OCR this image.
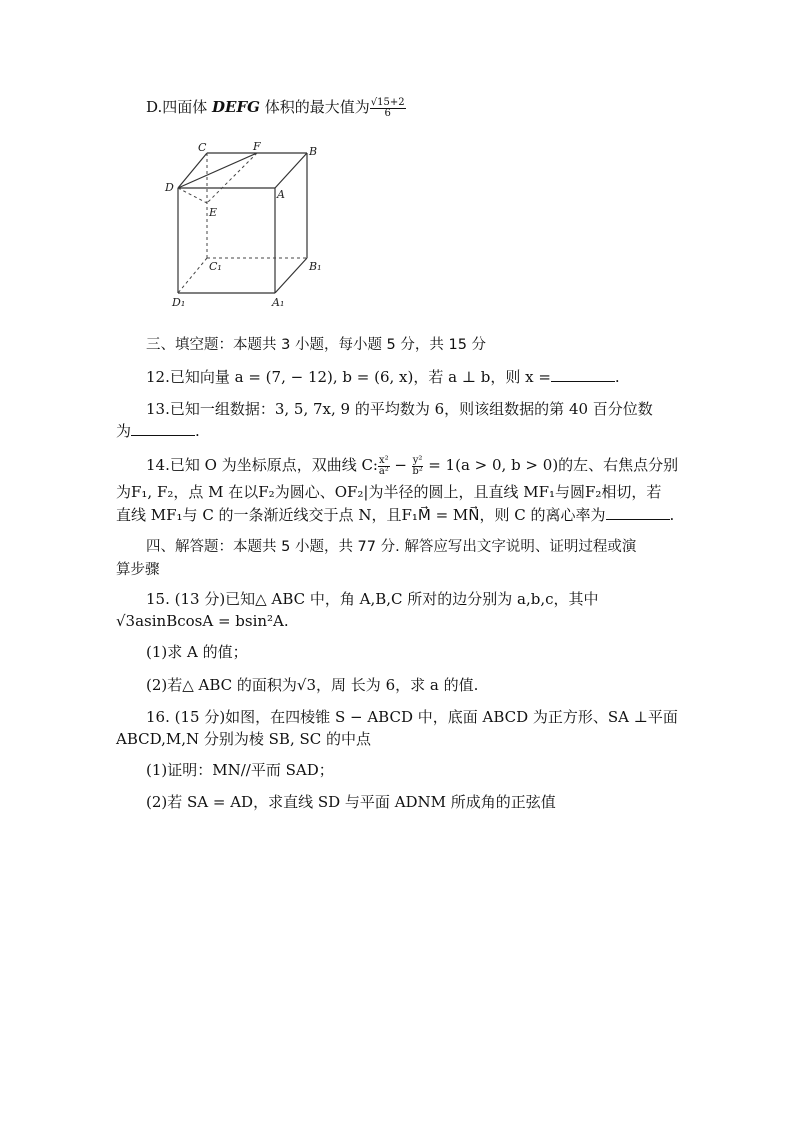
D.四面体 DEFG 体积的最大值为 $\frac{√15+2}{6}$
C	F	B
D
A
E
C₁	B₁
D₁	A₁
三、填空题：本题共 3 小题，每小题 5 分，共 15 分
12.已知向量 a = (7, − 12), b = (6, x)，若 a ⊥ b，则 x =	.
13.已知一组数据：3, 5, 7x, 9 的平均数为 6，则该组数据的第 40 百分位数
为	.
14.已知 O 为坐标原点，双曲线 C: $\frac{\text{x²}}{\text{a²}} - \frac{\text{y²}}{\text{b²}} = 1(a > 0$, b > 0)的左、右焦点分别
为F₁, F₂，点 M 在以F₂为圆心、OF₂|为半径的圆上，且直线 MF₁与圆F₂相切，若
直线 MF₁与 C 的一条渐近线交于点 N，且F₁M⃗ = MN⃗，则 C 的离心率为	.
四、解答题：本题共 5 小题，共 77 分. 解答应写出文字说明、证明过程或演
算步骤
15. (13 分)已知△ ABC 中，角 A,B,C 所对的边分别为 a,b,c，其中
√3asinBcosA = bsin²A.
(1)求 A 的值；
(2)若△ ABC 的面积为√3，周 长为 6，求 a 的值.
16. (15 分)如图，在四棱锥 S − ABCD 中，底面 ABCD 为正方形、SA ⊥平面
ABCD,M,N 分别为棱 SB, SC 的中点
(1)证明：MN//平而 SAD；
(2)若 SA = AD，求直线 SD 与平面 ADNM 所成角的正弦值
